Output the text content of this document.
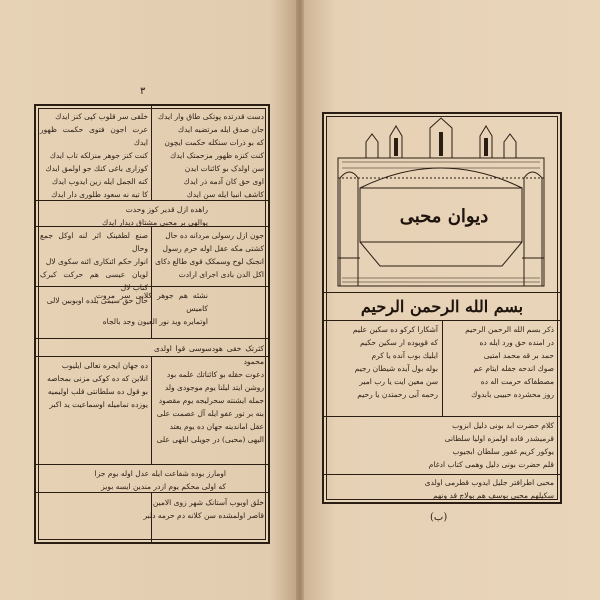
۳
دست قدرتده پوتکی طاق وار ایدك
جان صدق ایله مرتضیه ایدك
که بو ذرات سنکله حکمت ایچون
کنت کنزه ظهور مزحمتک ایدك
سن اولدک بو کائنات ایدن
اوی حق کان آدمه ذر ایدك
کاشف انبیا ایله سن ایدك
خلقی سر قلوب کپی کنز ایدك
عرت اجون فتوی حکمت ظهور ایدك
کنت کنز جوهر منزلکه تاب ایدك
کوزاری باغی کنك جو اولمق ایدك
کنه الجمل ایله زین ایدوب ایدك
کا تیه نه سعود طلوری دار ایدك
راهده ازل قدیر کوز وحدت
یوالهی بر محبی مشتاق دیدار ایدك
جون ازل رسولی مردانه ده حال
کشتی مکه عقل اوله حرم رسول
انجنک لوح وسمکک قوی طالع دکای
اکل الدن بادی اجرای ارادت
صنع لطفینک اثر لنه اوکل جمع وحال
انوار حکم ائنکاری ائنه سکوی لال
لویان عیسی هم حرکت کبرک کتاب لال
حال حق سیمی یلده اوبوبین لالی
نشئه هم جوهر کلابی سر مروت کامیس
اوتمایره وید نور العیون وجد بالجاه
کثرتک خقی هودسوسی قوا اولدی محمود
دعوت حقله بو کائناتك علمه بود
روشن ایتد لیلنا یوم موجودی ولد
جمله ایشنته سحرلیجه یوم مقصود
بنه بر تور عفو ایله آل عصمت علی
عقل اماندینه جهان ده یوم یعتد
الیهی (محبی) در جویلی ایلهی علی
ده جهان ایجره تعالی ایلیوب
انلاین که ده کوکی مزنی بمحاصه
بو قول ده سلطانتی قلب اولیمیه
یوزده تمامیله اوسماعیت ید اکبر
اومارز بوده شفاعت ایله عدل اوله بوم جزا
که اولی محکم یوم ازدر مندین ایسه بویز
خلق اوبوب آستانک شهر زوی الامین
قاصر اولمشده سن کلانه دم حرمه دلبر
دیوان محبی
بسم الله الرحمن الرحیم
ذکر بسم الله الرحمن الرحیم
در امنده حق ورد ایله ده
حمد بر قه محمد امتیی
صوك اندحه جفله ایتام عم
مصطفاکه حرمت اله ده
روز محشرده حبیبی بابدوك
آشکارا کرکو ده سکین علیم
که قویوده ار سکین حکیم
ایلیك بوب آنده یا کرم
بوله بول آیده شیطان رجیم
سن معین ایت یا رب امیر
رحمه آبی رحمتدن یا رحیم
کلام حضرت ابد بونی دلیل ابزوب
قرمیشدر قاده اولمزه اولیا سلطانی
یوکور کریم غفور سلطان ابجیوب
قلم حضرت بونی دلیل وهمی کتاب ادغام
محبی اطرافتر جلیل ایدوب قطرمی اولدی
سکیلهم محبی بوسف هم بولاچ قد ونهم
(ب)
